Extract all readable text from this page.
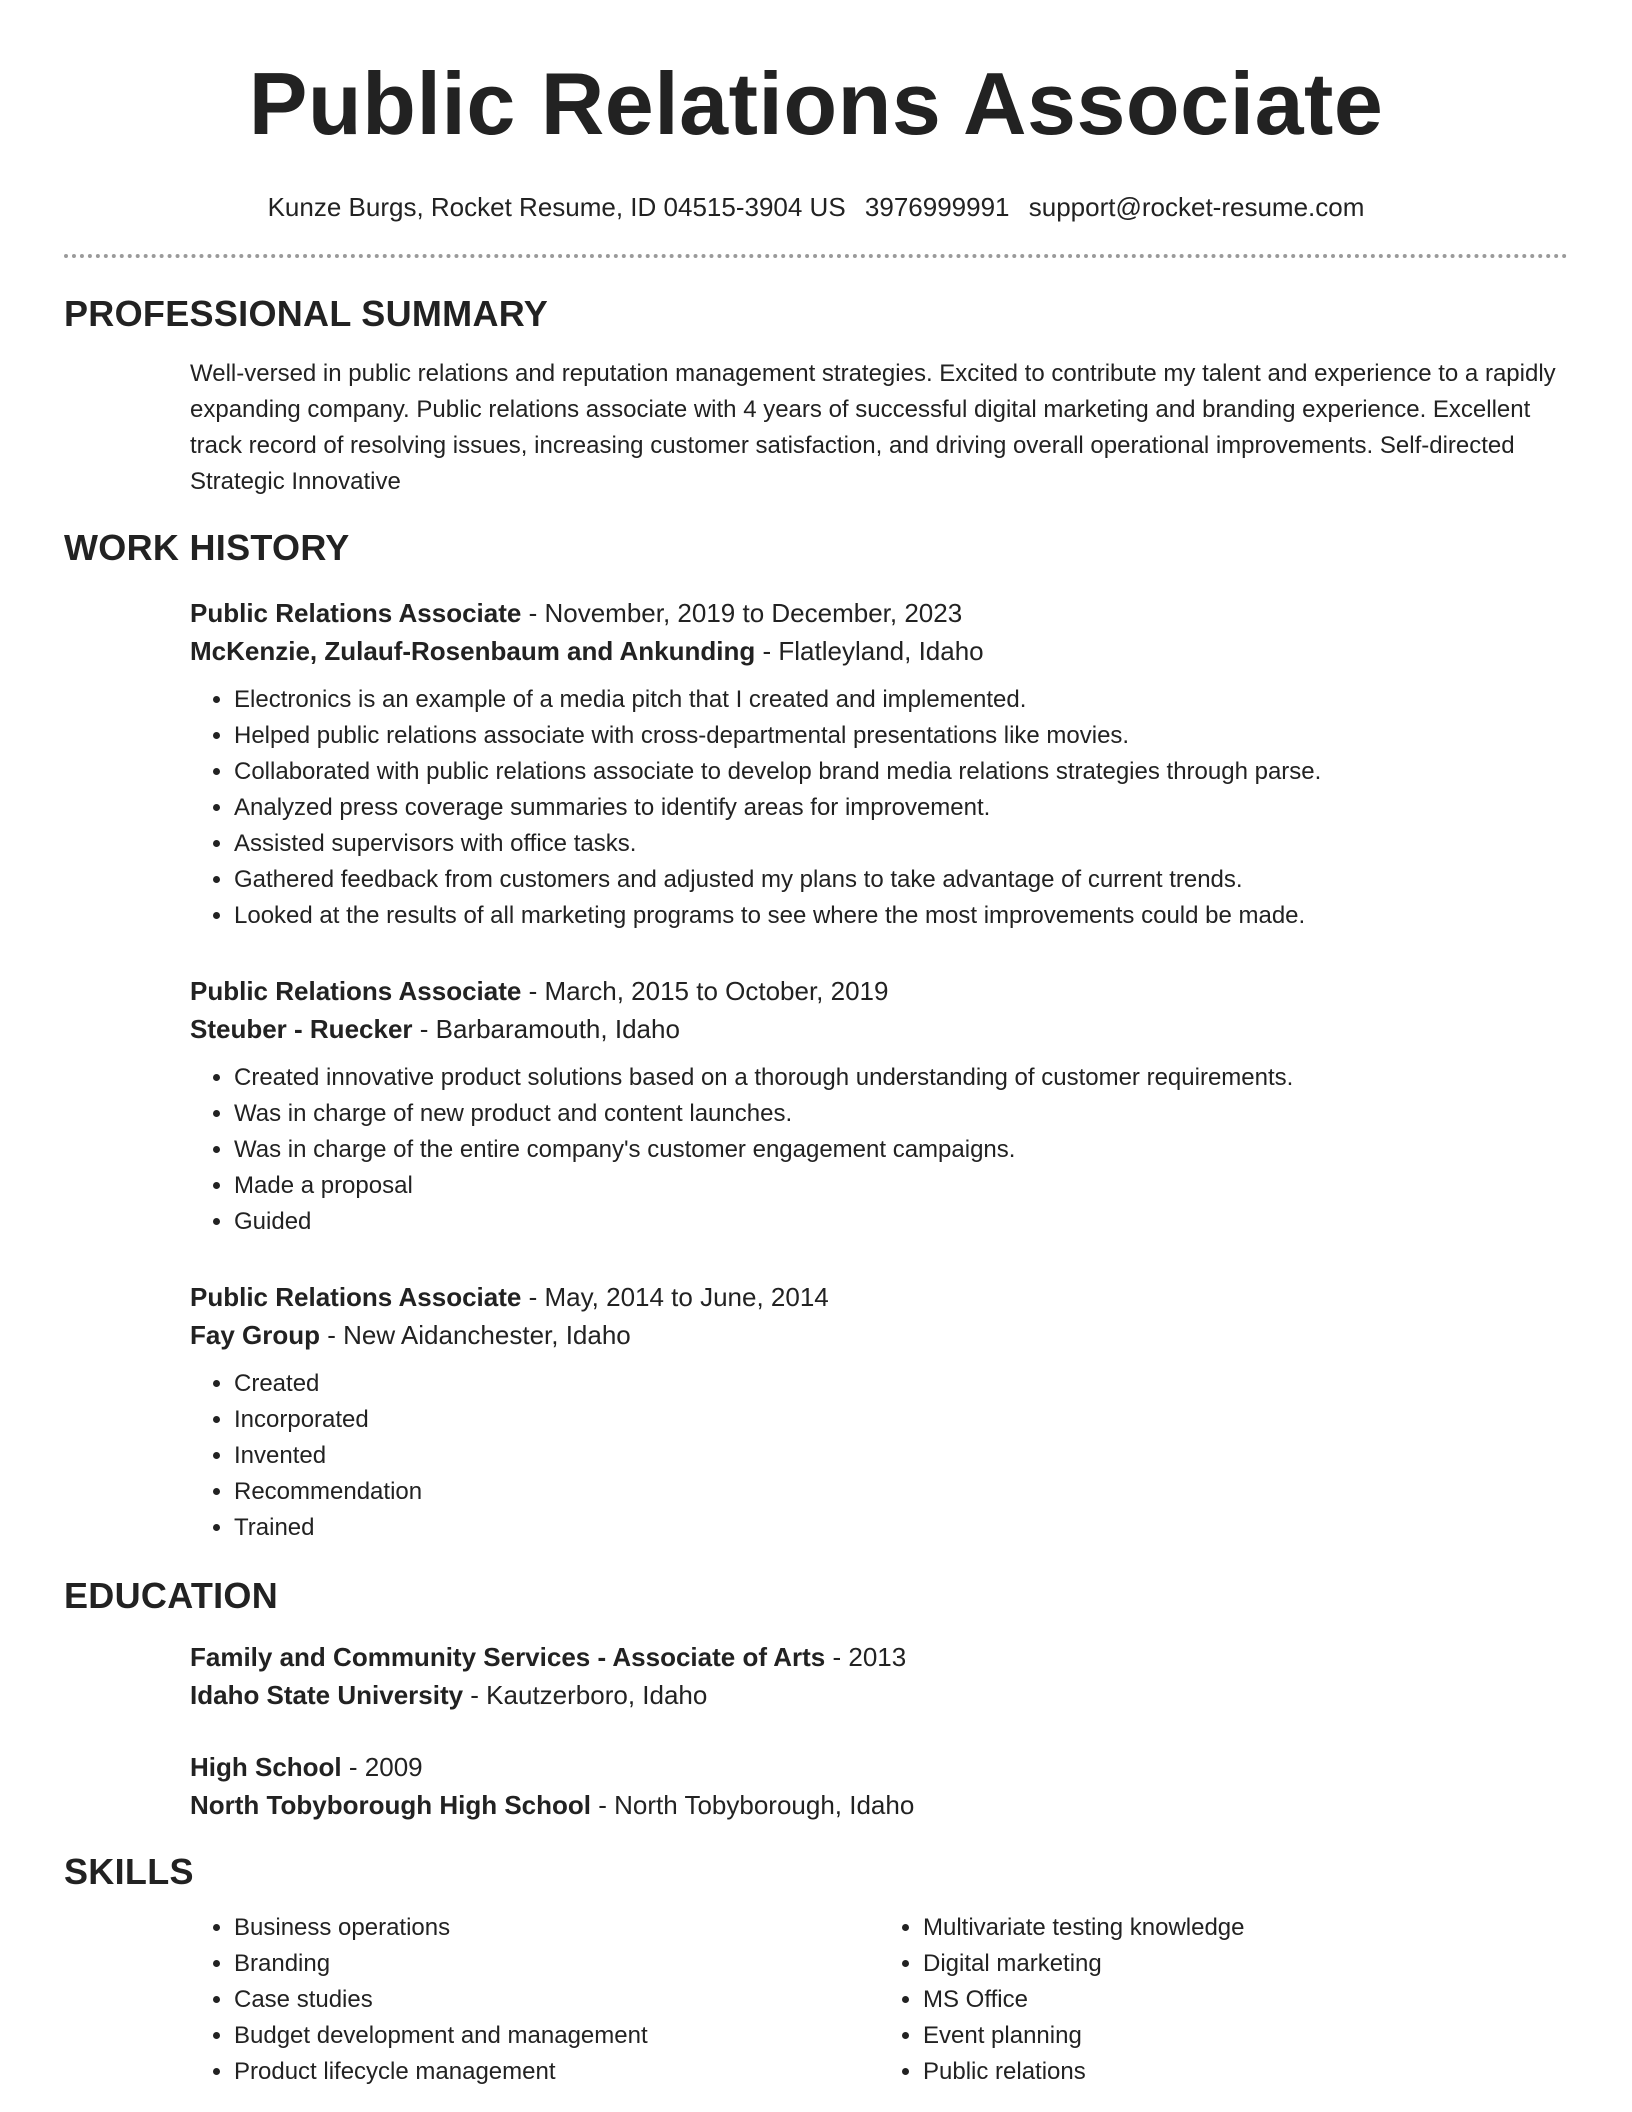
Public Relations Associate
Kunze Burgs, Rocket Resume, ID 04515-3904 US 3976999991 support@rocket-resume.com
PROFESSIONAL SUMMARY

Well-versed in public relations and reputation management strategies. Excited to contribute my talent and experience to a rapidly expanding company. Public relations associate with 4 years of successful digital marketing and branding experience. Excellent track record of resolving issues, increasing customer satisfaction, and driving overall operational improvements. Self-directed Strategic Innovative

WORK HISTORY
Public Relations Associate - November, 2019 to December, 2023
McKenzie, Zulauf-Rosenbaum and Ankunding - Flatleyland, Idaho
• Electronics is an example of a media pitch that I created and implemented.
• Helped public relations associate with cross-departmental presentations like movies.
• Collaborated with public relations associate to develop brand media relations strategies through parse.
• Analyzed press coverage summaries to identify areas for improvement.
• Assisted supervisors with office tasks.
• Gathered feedback from customers and adjusted my plans to take advantage of current trends.
• Looked at the results of all marketing programs to see where the most improvements could be made.
Public Relations Associate - March, 2015 to October, 2019
Steuber - Ruecker - Barbaramouth, Idaho
• Created innovative product solutions based on a thorough understanding of customer requirements.
• Was in charge of new product and content launches.
• Was in charge of the entire company's customer engagement campaigns.
• Made a proposal
• Guided
Public Relations Associate - May, 2014 to June, 2014
Fay Group - New Aidanchester, Idaho
• Created
• Incorporated
• Invented
• Recommendation
• Trained
EDUCATION
Family and Community Services - Associate of Arts - 2013
Idaho State University - Kautzerboro, Idaho
High School - 2009
North Tobyborough High School - North Tobyborough, Idaho
SKILLS
• Business operations
• Branding
• Case studies
• Budget development and management
• Product lifecycle management
• Multivariate testing knowledge
• Digital marketing
• MS Office
• Event planning
• Public relations
